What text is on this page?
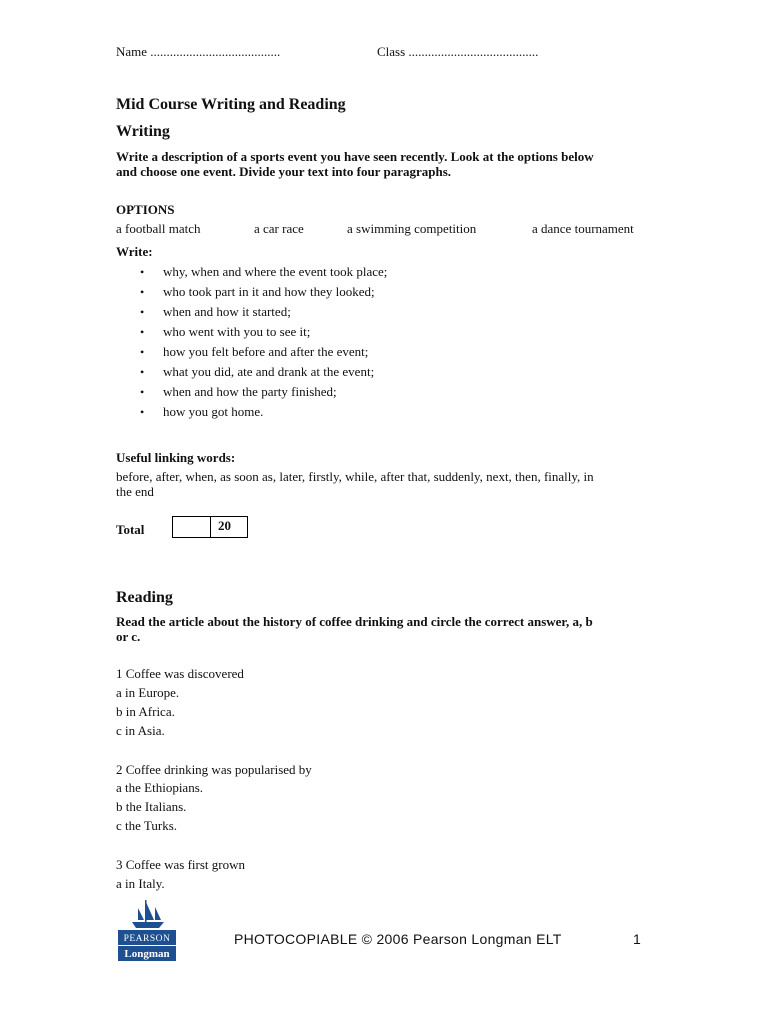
Name ........................................	Class ........................................
Mid Course Writing and Reading
Writing
Write a description of a sports event you have seen recently. Look at the options below
and choose one event. Divide your text into four paragraphs.
OPTIONS
a football match	a car race	a swimming competition	a dance tournament
Write:
• why, when and where the event took place;
• who took part in it and how they looked;
• when and how it started;
• who went with you to see it;
• how you felt before and after the event;
• what you did, ate and drank at the event;
• when and how the party finished;
• how you got home.
Useful linking words:
before, after, when, as soon as, later, firstly, while, after that, suddenly, next, then, finally, in
the end
Total	20
Reading
Read the article about the history of coffee drinking and circle the correct answer, a, b
or c.
1 Coffee was discovered
a in Europe.
b in Africa.
c in Asia.
2 Coffee drinking was popularised by
a the Ethiopians.
b the Italians.
c the Turks.
3 Coffee was first grown
a in Italy.
PEARSON
Longman
PHOTOCOPIABLE © 2006 Pearson Longman ELT	1
